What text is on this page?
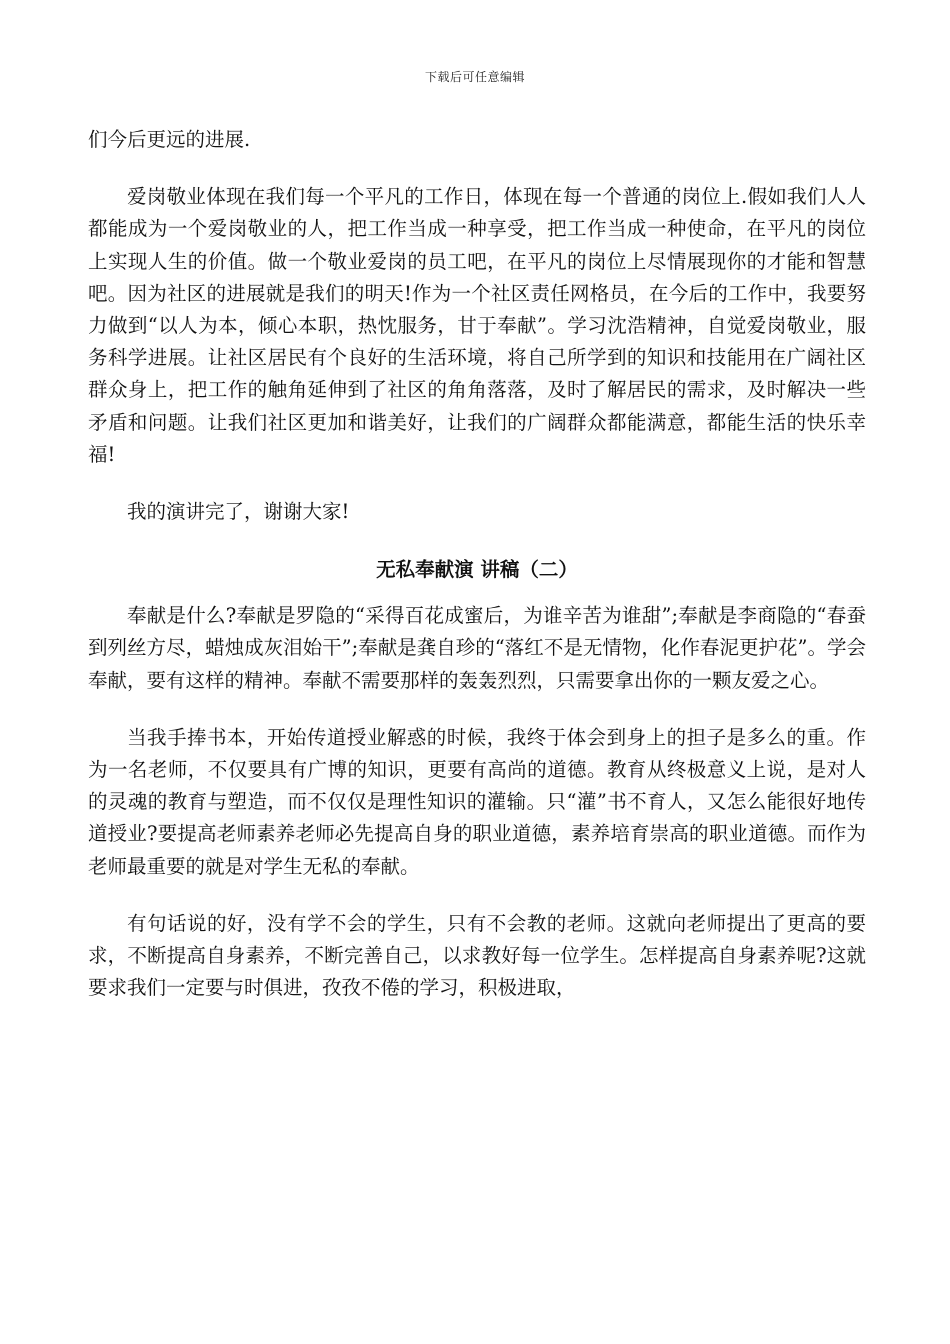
下载后可任意编辑

们今后更远的进展.

爱岗敬业体现在我们每一个平凡的工作日，体现在每一个普通的岗位上.假如我们人人都能成为一个爱岗敬业的人，把工作当成一种享受，把工作当成一种使命，在平凡的岗位上实现人生的价值。做一个敬业爱岗的员工吧，在平凡的岗位上尽情展现你的才能和智慧吧。因为社区的进展就是我们的明天!作为一个社区责任网格员，在今后的工作中，我要努力做到“以人为本，倾心本职，热忱服务，甘于奉献”。学习沈浩精神，自觉爱岗敬业，服务科学进展。让社区居民有个良好的生活环境，将自己所学到的知识和技能用在广阔社区群众身上，把工作的触角延伸到了社区的角角落落，及时了解居民的需求，及时解决一些矛盾和问题。让我们社区更加和谐美好，让我们的广阔群众都能满意，都能生活的快乐幸福!

我的演讲完了，谢谢大家!

无私奉献演 讲稿（二）

奉献是什么?奉献是罗隐的“采得百花成蜜后，为谁辛苦为谁甜”;奉献是李商隐的“春蚕到列丝方尽，蜡烛成灰泪始干”;奉献是龚自珍的“落红不是无情物，化作春泥更护花”。学会奉献，要有这样的精神。奉献不需要那样的轰轰烈烈，只需要拿出你的一颗友爱之心。

当我手捧书本，开始传道授业解惑的时候，我终于体会到身上的担子是多么的重。作为一名老师，不仅要具有广博的知识，更要有高尚的道德。教育从终极意义上说，是对人的灵魂的教育与塑造，而不仅仅是理性知识的灌输。只“灌”书不育人，又怎么能很好地传道授业?要提高老师素养老师必先提高自身的职业道德，素养培育崇高的职业道德。而作为老师最重要的就是对学生无私的奉献。

有句话说的好，没有学不会的学生，只有不会教的老师。这就向老师提出了更高的要求，不断提高自身素养，不断完善自己，以求教好每一位学生。怎样提高自身素养呢?这就要求我们一定要与时俱进，孜孜不倦的学习，积极进取，
